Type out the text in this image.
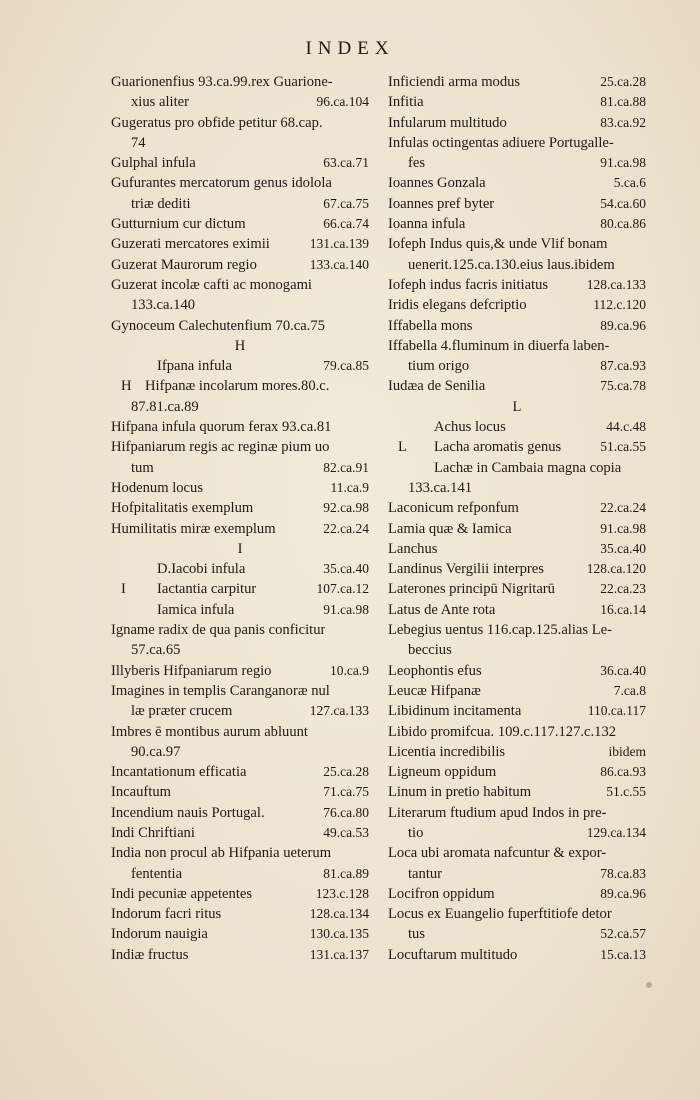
INDEX
Guarionenfius 93.ca.99.rex Guarione-
xius aliter	96.ca.104
Gugeratus pro obfide petitur 68.cap.
74
Gulphal infula	63.ca.71
Gufurantes mercatorum genus idolola
triæ dediti	67.ca.75
Gutturnium cur dictum	66.ca.74
Guzerati mercatores eximii	131.ca.139
Guzerat Maurorum regio	133.ca.140
Guzerat incolæ cafti ac monogami
133.ca.140
Gynoceum Calechutenfium 70.ca.75
H
Ifpana infula	79.ca.85
H Hifpanæ incolarum mores.80.c.
87.81.ca.89
Hifpana infula quorum ferax 93.ca.81
Hifpaniarum regis ac reginæ pium uo
tum	82.ca.91
Hodenum locus	11.ca.9
Hofpitalitatis exemplum	92.ca.98
Humilitatis miræ exemplum	22.ca.24
I
D.Iacobi infula	35.ca.40
I	Iactantia carpitur	107.ca.12
Iamica infula	91.ca.98
Igname radix de qua panis conficitur
57.ca.65
Illyberis Hifpaniarum regio	10.ca.9
Imagines in templis Caranganoræ nul
læ præter crucem	127.ca.133
Imbres ē montibus aurum abluunt
90.ca.97
Incantationum efficatia	25.ca.28
Incauftum	71.ca.75
Incendium nauis Portugal.	76.ca.80
Indi Chriftiani	49.ca.53
India non procul ab Hifpania ueterum
fententia	81.ca.89
Indi pecuniæ appetentes	123.c.128
Indorum facri ritus	128.ca.134
Indorum nauigia	130.ca.135
Indiæ fructus	131.ca.137
Inficiendi arma modus	25.ca.28
Infitia	81.ca.88
Infularum multitudo	83.ca.92
Infulas octingentas adiuere Portugalle-
fes	91.ca.98
Ioannes Gonzala	5.ca.6
Ioannes pref byter	54.ca.60
Ioanna infula	80.ca.86
Iofeph Indus quis,& unde Vlif bonam
uenerit.125.ca.130.eius laus.ibidem
Iofeph indus facris initiatus	128.ca.133
Iridis elegans defcriptio	112.c.120
Iffabella mons	89.ca.96
Iffabella 4.fluminum in diuerfa laben-
tium origo	87.ca.93
Iudæa de Senilia	75.ca.78
L
Achus locus	44.c.48
L	Lacha aromatis genus	51.ca.55
Lachæ in Cambaia magna copia
133.ca.141
Laconicum refponfum	22.ca.24
Lamia quæ & Iamica	91.ca.98
Lanchus	35.ca.40
Landinus Vergilii interpres	128.ca.120
Laterones principū Nigritarū	22.ca.23
Latus de Ante rota	16.ca.14
Lebegius uentus 116.cap.125.alias Le-
beccius
Leophontis efus	36.ca.40
Leucæ Hifpanæ	7.ca.8
Libidinum incitamenta	110.ca.117
Libido promifcua. 109.c.117.127.c.132
Licentia incredibilis	ibidem
Ligneum oppidum	86.ca.93
Linum in pretio habitum	51.c.55
Literarum ftudium apud Indos in pre-
tio	129.ca.134
Loca ubi aromata nafcuntur & expor-
tantur	78.ca.83
Locifron oppidum	89.ca.96
Locus ex Euangelio fuperftitiofe detor
tus	52.ca.57
Locuftarum multitudo	15.ca.13
